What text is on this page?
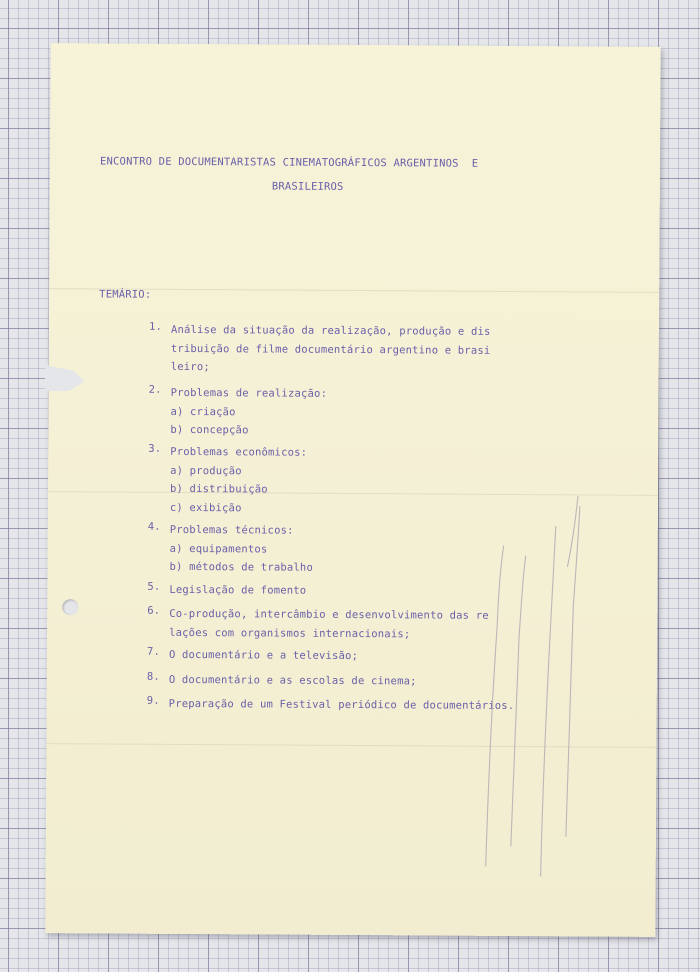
ENCONTRO DE DOCUMENTARISTAS CINEMATOGRÁFICOS ARGENTINOS  E
BRASILEIROS
TEMÁRIO:
1. Análise da situação da realização, produção e dis
tribuição de filme documentário argentino e brasi
leiro;
2. Problemas de realização:
a) criação
b) concepção
3. Problemas econômicos:
a) produção
b) distribuição
c) exibição
4. Problemas técnicos:
a) equipamentos
b) métodos de trabalho
5. Legislação de fomento
6. Co-produção, intercâmbio e desenvolvimento das re
lações com organismos internacionais;
7. O documentário e a televisão;
8. O documentário e as escolas de cinema;
9. Preparação de um Festival periódico de documentários.
